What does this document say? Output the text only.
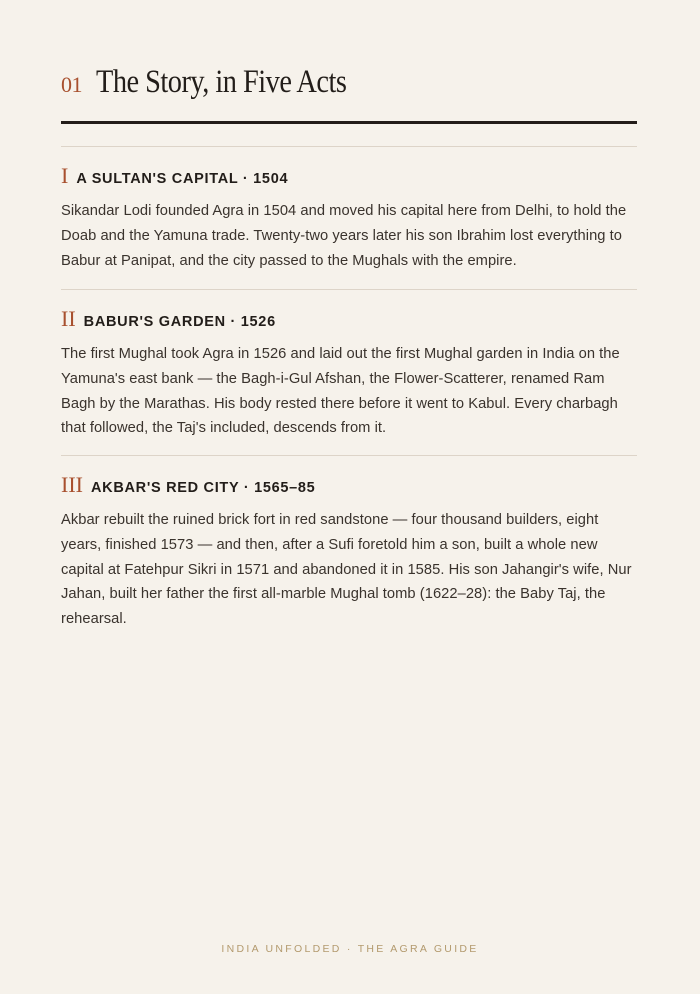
01 The Story, in Five Acts
I A SULTAN'S CAPITAL · 1504

Sikandar Lodi founded Agra in 1504 and moved his capital here from Delhi, to hold the Doab and the Yamuna trade. Twenty-two years later his son Ibrahim lost everything to Babur at Panipat, and the city passed to the Mughals with the empire.

II BABUR'S GARDEN · 1526

The first Mughal took Agra in 1526 and laid out the first Mughal garden in India on the Yamuna's east bank — the Bagh-i-Gul Afshan, the Flower-Scatterer, renamed Ram Bagh by the Marathas. His body rested there before it went to Kabul. Every charbagh that followed, the Taj's included, descends from it.

III AKBAR'S RED CITY · 1565–85

Akbar rebuilt the ruined brick fort in red sandstone — four thousand builders, eight years, finished 1573 — and then, after a Sufi foretold him a son, built a whole new capital at Fatehpur Sikri in 1571 and abandoned it in 1585. His son Jahangir's wife, Nur Jahan, built her father the first all-marble Mughal tomb (1622–28): the Baby Taj, the rehearsal.

INDIA UNFOLDED · THE AGRA GUIDE
